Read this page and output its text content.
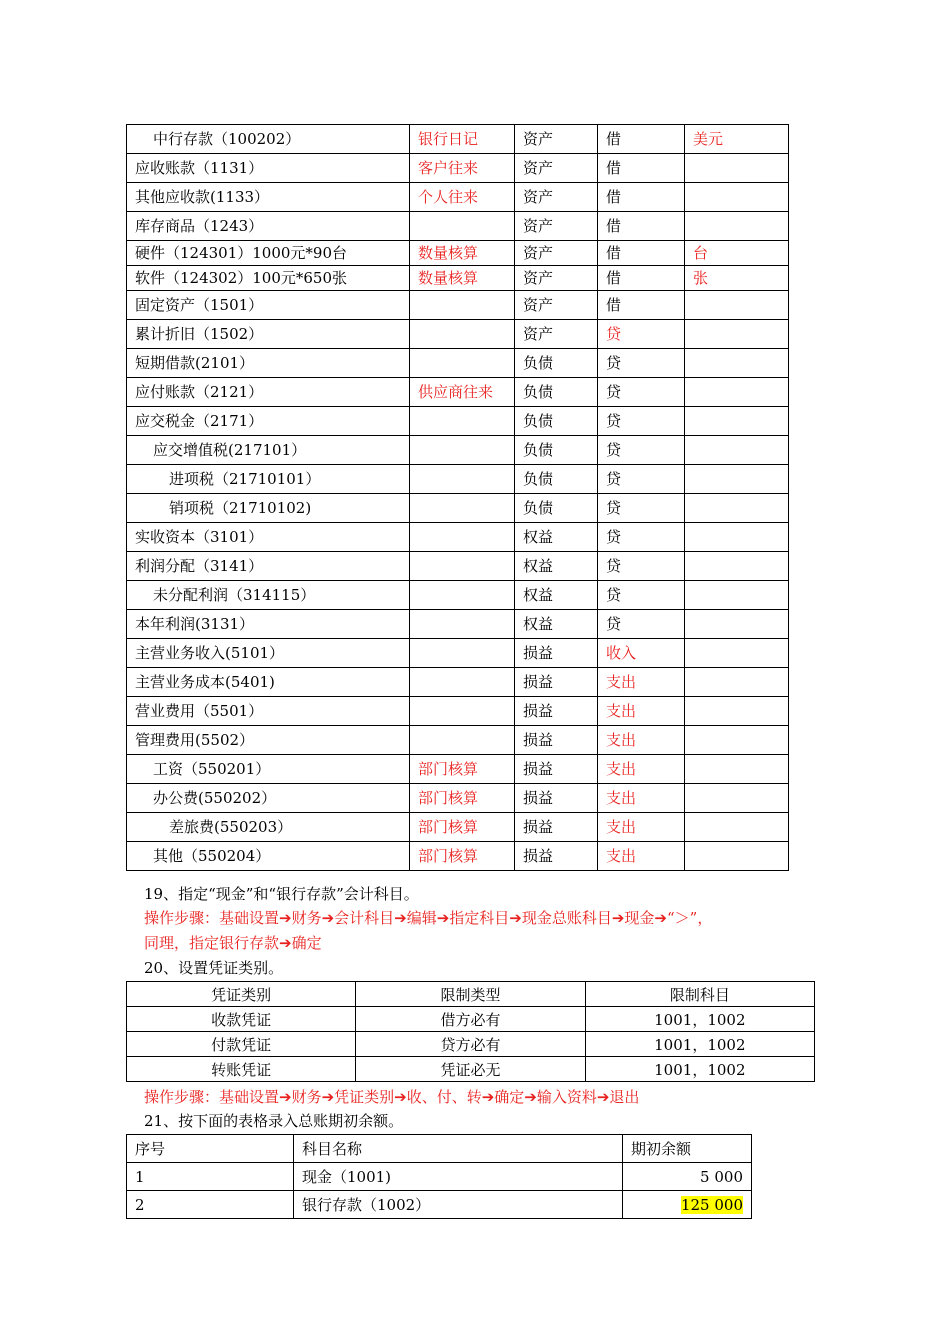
中行存款（100202）	银行日记	资产	借	美元
应收账款（1131）	客户往来	资产	借	
其他应收款(1133）	个人往来	资产	借	
库存商品（1243）		资产	借	
硬件（124301）1000元*90台	数量核算	资产	借	台
软件（124302）100元*650张	数量核算	资产	借	张
固定资产（1501）		资产	借	
累计折旧（1502）		资产	贷	
短期借款(2101）		负债	贷	
应付账款（2121）	供应商往来	负债	贷	
应交税金（2171）		负债	贷	
应交增值税(217101）		负债	贷	
进项税（21710101）		负债	贷	
销项税（21710102)		负债	贷	
实收资本（3101）		权益	贷	
利润分配（3141）		权益	贷	
未分配利润（314115）		权益	贷	
本年利润(3131）		权益	贷	
主营业务收入(5101）		损益	收入	
主营业务成本(5401)		损益	支出	
营业费用（5501）		损益	支出	
管理费用(5502）		损益	支出	
工资（550201）	部门核算	损益	支出	
办公费(550202）	部门核算	损益	支出	
差旅费(550203）	部门核算	损益	支出	
其他（550204）	部门核算	损益	支出	
19、指定“现金”和“银行存款”会计科目。
操作步骤：基础设置➔财务➔会计科目➔编辑➔指定科目➔现金总账科目➔现金➔“＞”，
同理，指定银行存款➔确定
20、设置凭证类别。
凭证类别	限制类型	限制科目
收款凭证	借方必有	1001，1002
付款凭证	贷方必有	1001，1002
转账凭证	凭证必无	1001，1002
操作步骤：基础设置➔财务➔凭证类别➔收、付、转➔确定➔输入资料➔退出
21、按下面的表格录入总账期初余额。
序号	科目名称	期初余额
1	现金（1001)	5 000
2	银行存款（1002）	125 000
